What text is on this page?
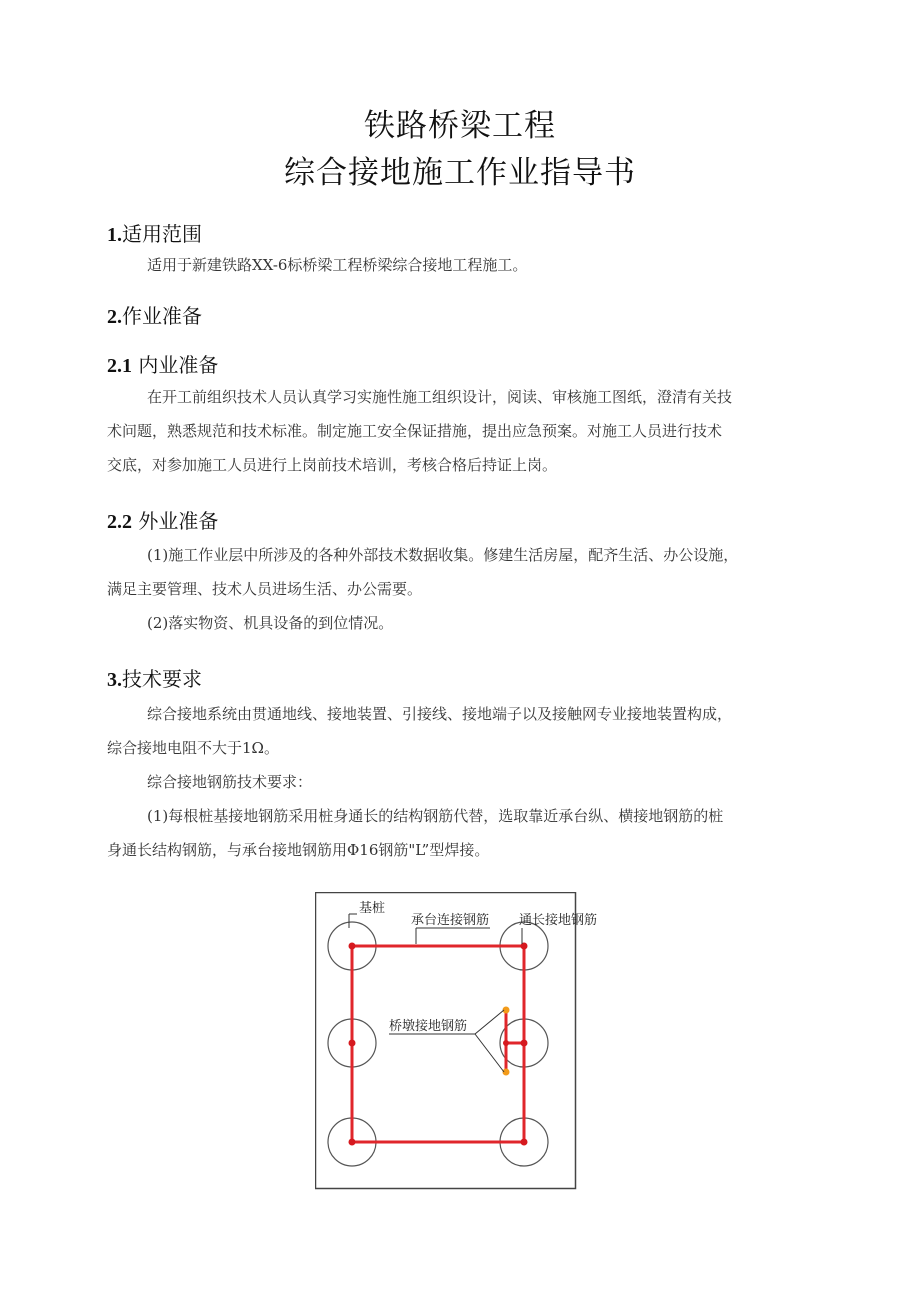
铁路桥梁工程
综合接地施工作业指导书
1.适用范围
适用于新建铁路XX-6标桥梁工程桥梁综合接地工程施工。
2.作业准备
2.1 内业准备
在开工前组织技术人员认真学习实施性施工组织设计，阅读、审核施工图纸，澄清有关技
术问题，熟悉规范和技术标准。制定施工安全保证措施，提出应急预案。对施工人员进行技术
交底，对参加施工人员进行上岗前技术培训，考核合格后持证上岗。
2.2 外业准备
(1)施工作业层中所涉及的各种外部技术数据收集。修建生活房屋，配齐生活、办公设施，
满足主要管理、技术人员进场生活、办公需要。
(2)落实物资、机具设备的到位情况。
3.技术要求
综合接地系统由贯通地线、接地装置、引接线、接地端子以及接触网专业接地装置构成，
综合接地电阻不大于1Ω。
综合接地钢筋技术要求：
(1)每根桩基接地钢筋采用桩身通长的结构钢筋代替，选取靠近承台纵、横接地钢筋的桩
身通长结构钢筋，与承台接地钢筋用Φ16钢筋"L”型焊接。
基桩
承台连接钢筋 通长接地钢筋
桥墩接地钢筋
